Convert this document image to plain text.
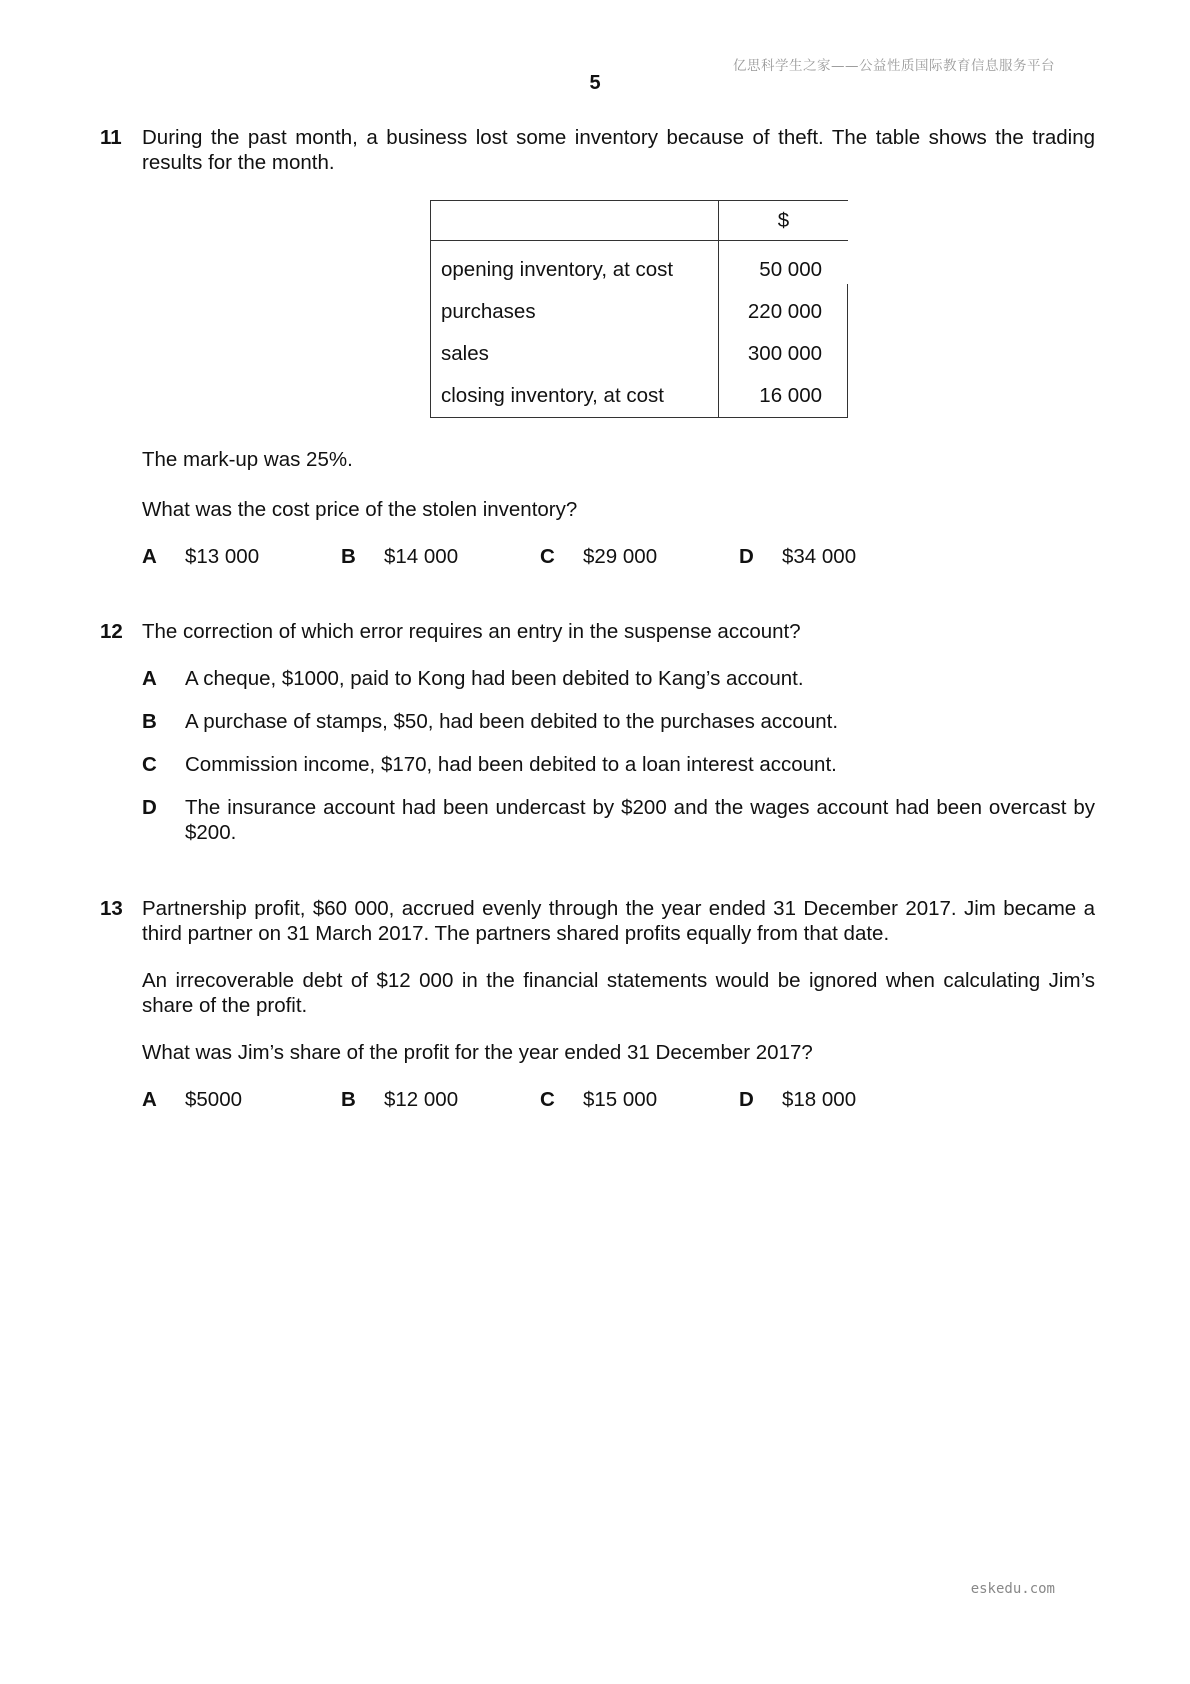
亿思科学生之家——公益性质国际教育信息服务平台
5
11 During the past month, a business lost some inventory because of theft. The table shows the trading results for the month.

$
opening inventory, at cost	50 000
purchases	220 000
sales	300 000
closing inventory, at cost	16 000

The mark-up was 25%.

What was the cost price of the stolen inventory?

A	$13 000	B	$14 000	C	$29 000	D	$34 000
12 The correction of which error requires an entry in the suspense account?

A	A cheque, $1000, paid to Kong had been debited to Kang’s account.
B	A purchase of stamps, $50, had been debited to the purchases account.
C	Commission income, $170, had been debited to a loan interest account.
D	The insurance account had been undercast by $200 and the wages account had been overcast by $200.
13 Partnership profit, $60 000, accrued evenly through the year ended 31 December 2017. Jim became a third partner on 31 March 2017. The partners shared profits equally from that date.

An irrecoverable debt of $12 000 in the financial statements would be ignored when calculating Jim’s share of the profit.

What was Jim’s share of the profit for the year ended 31 December 2017?

A	$5000	B	$12 000	C	$15 000	D	$18 000
eskedu.com
